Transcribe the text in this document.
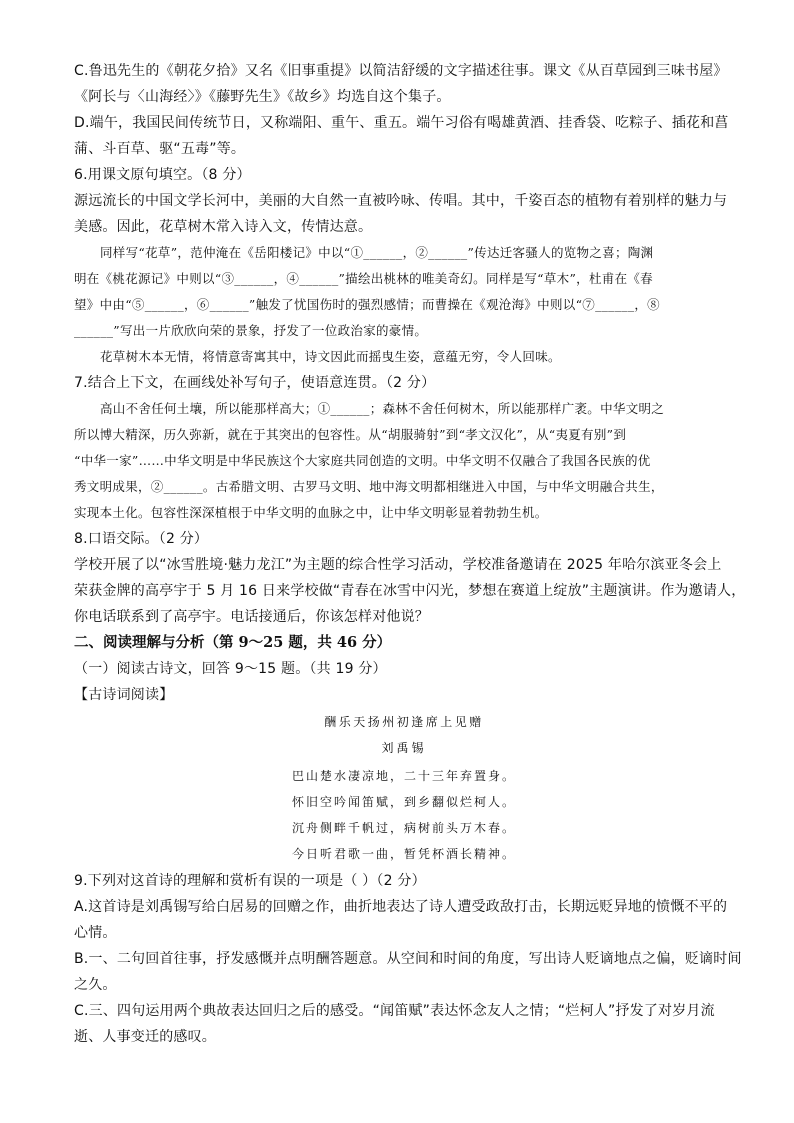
C.鲁迅先生的《朝花夕拾》又名《旧事重提》以简洁舒缓的文字描述往事。课文《从百草园到三味书屋》
《阿长与〈山海经〉》《藤野先生》《故乡》均选自这个集子。
D.端午，我国民间传统节日，又称端阳、重午、重五。端午习俗有喝雄黄酒、挂香袋、吃粽子、插花和菖
蒲、斗百草、驱“五毒”等。
6.用课文原句填空。（8 分）
源远流长的中国文学长河中，美丽的大自然一直被吟咏、传唱。其中，千姿百态的植物有着别样的魅力与
美感。因此，花草树木常入诗入文，传情达意。
同样写“花草”，范仲淹在《岳阳楼记》中以“①______，②______”传达迁客骚人的览物之喜；陶渊
明在《桃花源记》中则以“③______，④______”描绘出桃林的唯美奇幻。同样是写“草木”，杜甫在《春
望》中由“⑤______，⑥______”触发了忧国伤时的强烈感情；而曹操在《观沧海》中则以“⑦______，⑧
______”写出一片欣欣向荣的景象，抒发了一位政治家的豪情。
花草树木本无情，将情意寄寓其中，诗文因此而摇曳生姿，意蕴无穷，令人回味。
7.结合上下文，在画线处补写句子，使语意连贯。（2 分）
高山不舍任何土壤，所以能那样高大；①______；森林不舍任何树木，所以能那样广袤。中华文明之
所以博大精深，历久弥新，就在于其突出的包容性。从“胡服骑射”到“孝文汉化”，从“夷夏有别”到
“中华一家”……中华文明是中华民族这个大家庭共同创造的文明。中华文明不仅融合了我国各民族的优
秀文明成果，②______。古希腊文明、古罗马文明、地中海文明都相继进入中国，与中华文明融合共生，
实现本土化。包容性深深植根于中华文明的血脉之中，让中华文明彰显着勃勃生机。
8.口语交际。（2 分）
学校开展了以“冰雪胜境·魅力龙江”为主题的综合性学习活动，学校准备邀请在 2025 年哈尔滨亚冬会上
荣获金牌的高亭宇于 5 月 16 日来学校做“青春在冰雪中闪光，梦想在赛道上绽放”主题演讲。作为邀请人，
你电话联系到了高亭宇。电话接通后，你该怎样对他说？
二、阅读理解与分析（第 9～25 题，共 46 分）
（一）阅读古诗文，回答 9～15 题。（共 19 分）
【古诗词阅读】
酬乐天扬州初逢席上见赠
刘禹锡
巴山楚水凄凉地，二十三年弃置身。
怀旧空吟闻笛赋，到乡翻似烂柯人。
沉舟侧畔千帆过，病树前头万木春。
今日听君歌一曲，暂凭杯酒长精神。
9.下列对这首诗的理解和赏析有误的一项是（ ）（2 分）
A.这首诗是刘禹锡写给白居易的回赠之作，曲折地表达了诗人遭受政敌打击，长期远贬异地的愤慨不平的
心情。
B.一、二句回首往事，抒发感慨并点明酬答题意。从空间和时间的角度，写出诗人贬谪地点之偏，贬谪时间
之久。
C.三、四句运用两个典故表达回归之后的感受。“闻笛赋”表达怀念友人之情；“烂柯人”抒发了对岁月流
逝、人事变迁的感叹。
